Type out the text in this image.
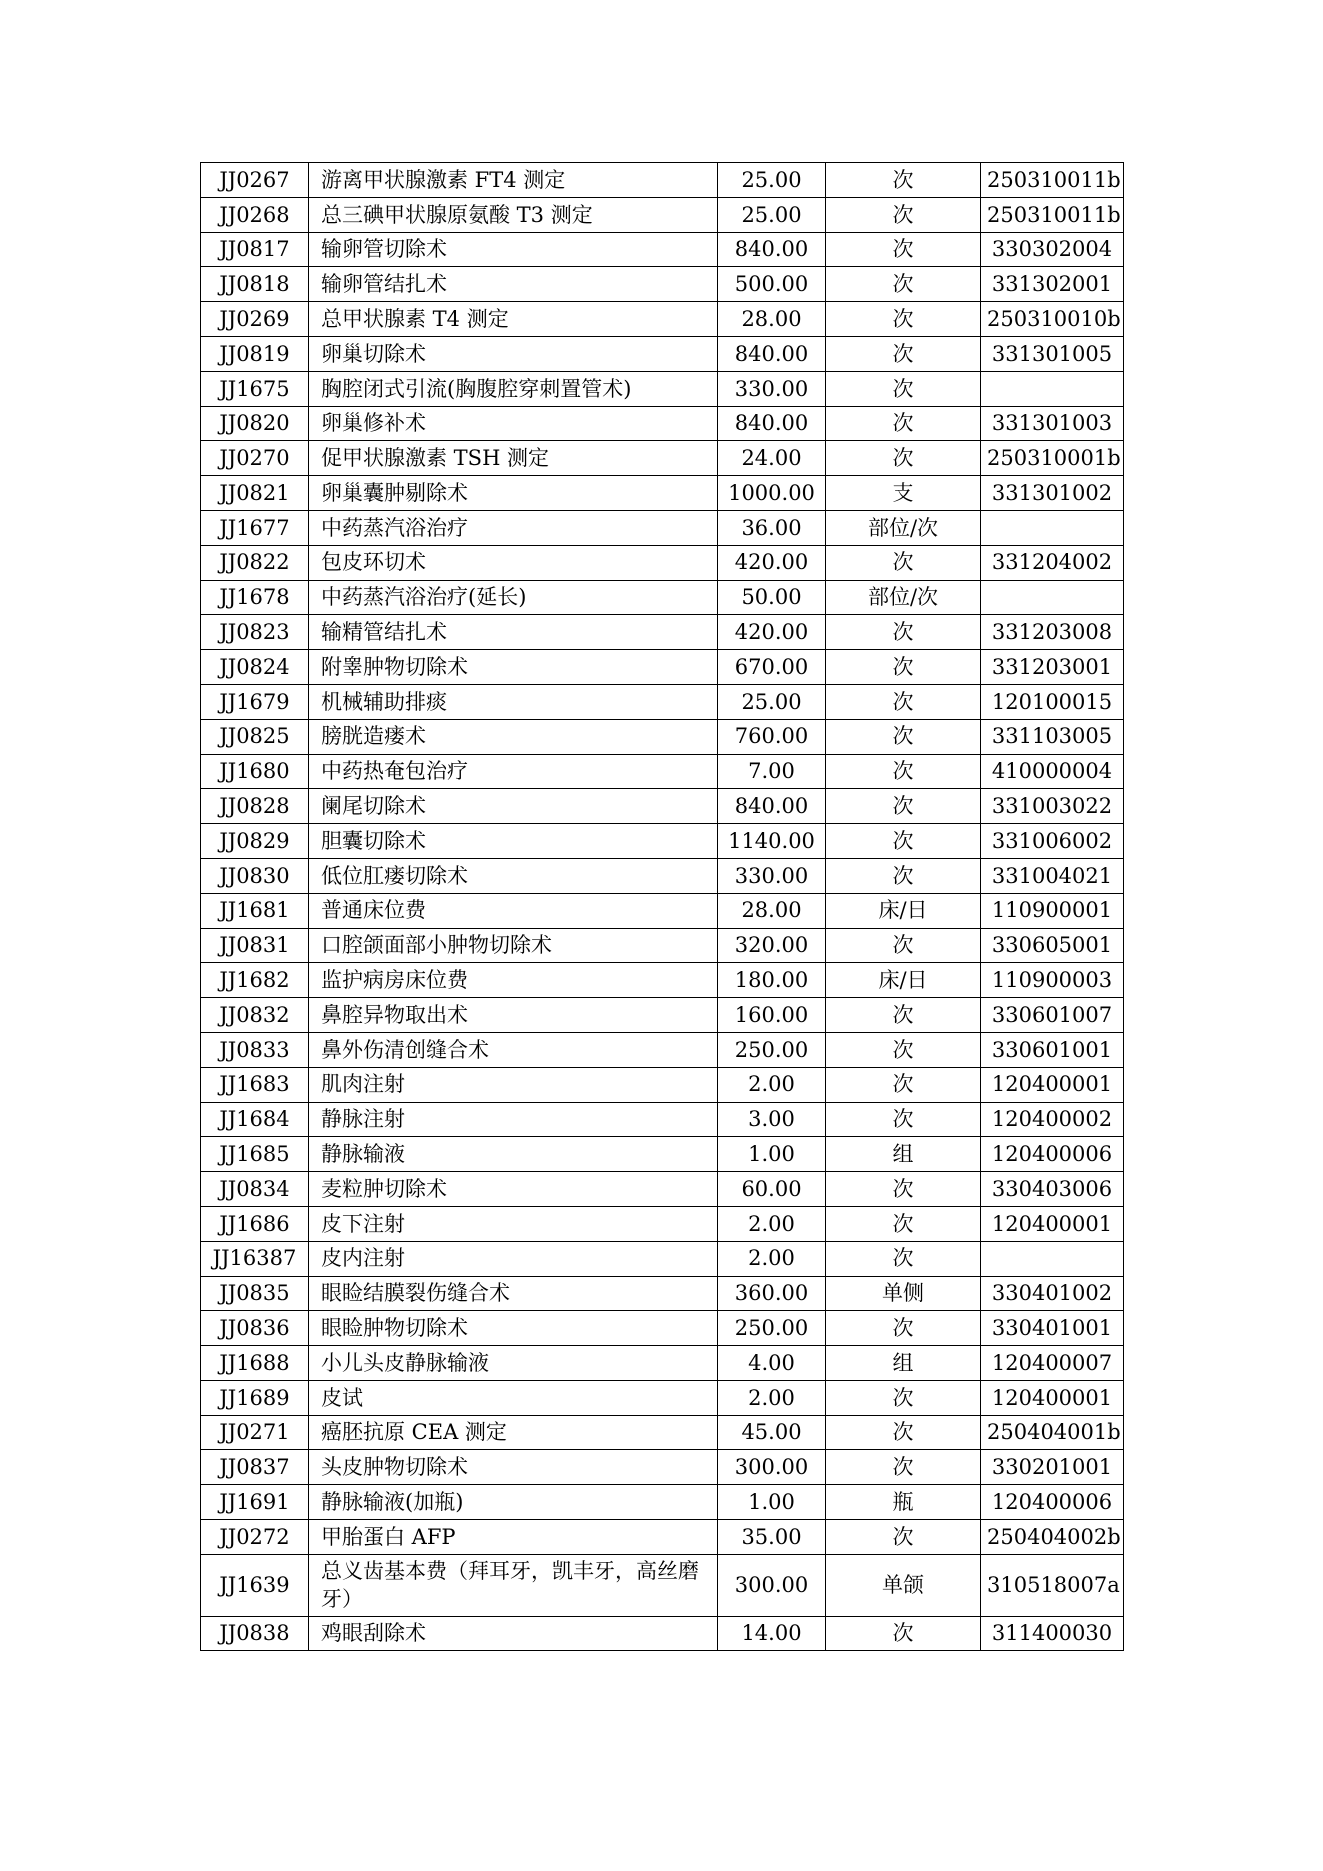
JJ0267	游离甲状腺激素 FT4 测定	25.00	次	250310011b
JJ0268	总三碘甲状腺原氨酸 T3 测定	25.00	次	250310011b
JJ0817	输卵管切除术	840.00	次	330302004
JJ0818	输卵管结扎术	500.00	次	331302001
JJ0269	总甲状腺素 T4 测定	28.00	次	250310010b
JJ0819	卵巢切除术	840.00	次	331301005
JJ1675	胸腔闭式引流(胸腹腔穿刺置管术)	330.00	次	
JJ0820	卵巢修补术	840.00	次	331301003
JJ0270	促甲状腺激素 TSH 测定	24.00	次	250310001b
JJ0821	卵巢囊肿剔除术	1000.00	支	331301002
JJ1677	中药蒸汽浴治疗	36.00	部位/次	
JJ0822	包皮环切术	420.00	次	331204002
JJ1678	中药蒸汽浴治疗(延长)	50.00	部位/次	
JJ0823	输精管结扎术	420.00	次	331203008
JJ0824	附睾肿物切除术	670.00	次	331203001
JJ1679	机械辅助排痰	25.00	次	120100015
JJ0825	膀胱造瘘术	760.00	次	331103005
JJ1680	中药热奄包治疗	7.00	次	410000004
JJ0828	阑尾切除术	840.00	次	331003022
JJ0829	胆囊切除术	1140.00	次	331006002
JJ0830	低位肛瘘切除术	330.00	次	331004021
JJ1681	普通床位费	28.00	床/日	110900001
JJ0831	口腔颌面部小肿物切除术	320.00	次	330605001
JJ1682	监护病房床位费	180.00	床/日	110900003
JJ0832	鼻腔异物取出术	160.00	次	330601007
JJ0833	鼻外伤清创缝合术	250.00	次	330601001
JJ1683	肌肉注射	2.00	次	120400001
JJ1684	静脉注射	3.00	次	120400002
JJ1685	静脉输液	1.00	组	120400006
JJ0834	麦粒肿切除术	60.00	次	330403006
JJ1686	皮下注射	2.00	次	120400001
JJ16387	皮内注射	2.00	次	
JJ0835	眼睑结膜裂伤缝合术	360.00	单侧	330401002
JJ0836	眼睑肿物切除术	250.00	次	330401001
JJ1688	小儿头皮静脉输液	4.00	组	120400007
JJ1689	皮试	2.00	次	120400001
JJ0271	癌胚抗原 CEA 测定	45.00	次	250404001b
JJ0837	头皮肿物切除术	300.00	次	330201001
JJ1691	静脉输液(加瓶)	1.00	瓶	120400006
JJ0272	甲胎蛋白 AFP	35.00	次	250404002b
JJ1639	总义齿基本费（拜耳牙，凯丰牙，高丝磨牙）	300.00	单颌	310518007a
JJ0838	鸡眼刮除术	14.00	次	311400030
